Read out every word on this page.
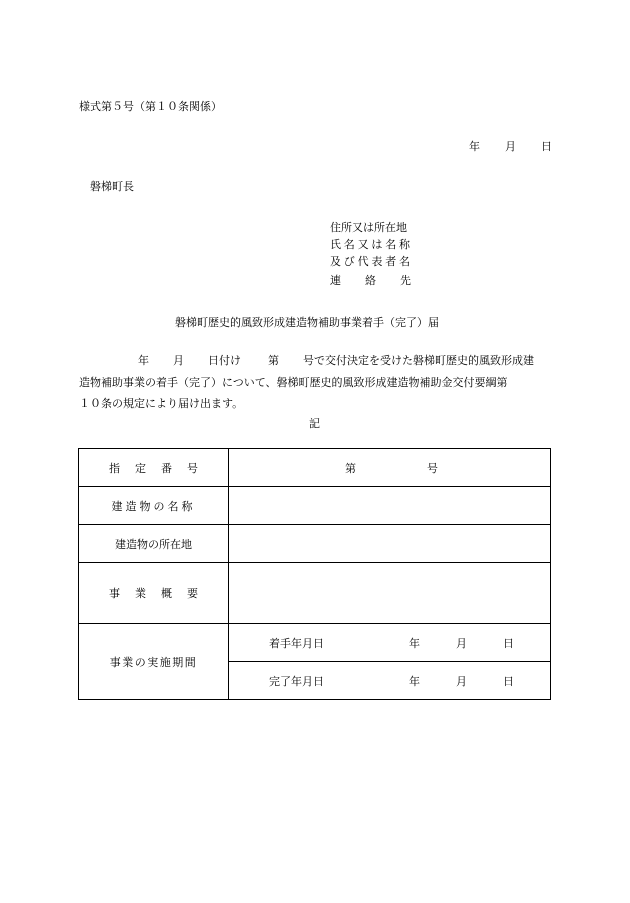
様式第５号（第１０条関係）
年 月 日
磐梯町長
住所又は所在地
氏名又は名称
及び代表者名
連 絡 先
磐梯町歴史的風致形成建造物補助事業着手（完了）届
年 月 日付け 第 号で交付決定を受けた磐梯町歴史的風致形成建
造物補助事業の着手（完了）について、磐梯町歴史的風致形成建造物補助金交付要綱第
１０条の規定により届け出ます。
記
指 定 番 号	第 号

建造物の名称	
建造物の所在地	

事 業 概 要	

事業の実施期間	着手年月日 年 月 日

	完了年月日 年 月 日
